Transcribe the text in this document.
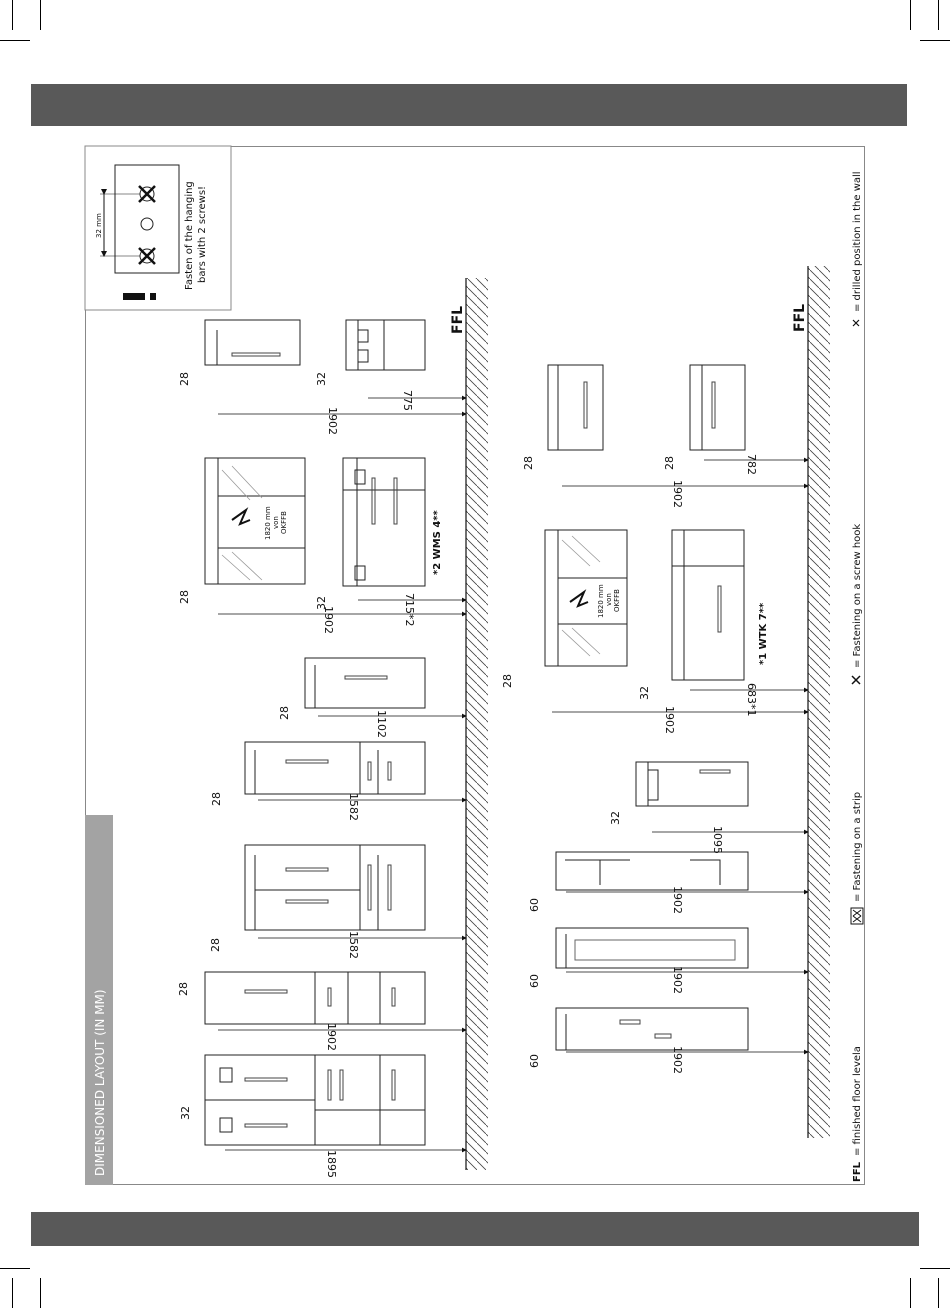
DIMENSIONED LAYOUT (IN MM)
32 mm	Fasten of the hanging bars with 2 screws!
FFL	FFL
1820 mm von OKFFB	*2 WMS 4**
1820 mm von OKFFB
*1 WTK 7**
1895
32
1902
28
1582
28
1582
28
1102
28
1902
28	715*2
32
1902
28
775
32
1902
60
1902
60
1902
60
1095
32
1902
28
683*1
32
1902
28	782
28
FFL
= finished floor levela
= Fastening on a strip
= Fastening on a screw hook
= drilled position in the wall
